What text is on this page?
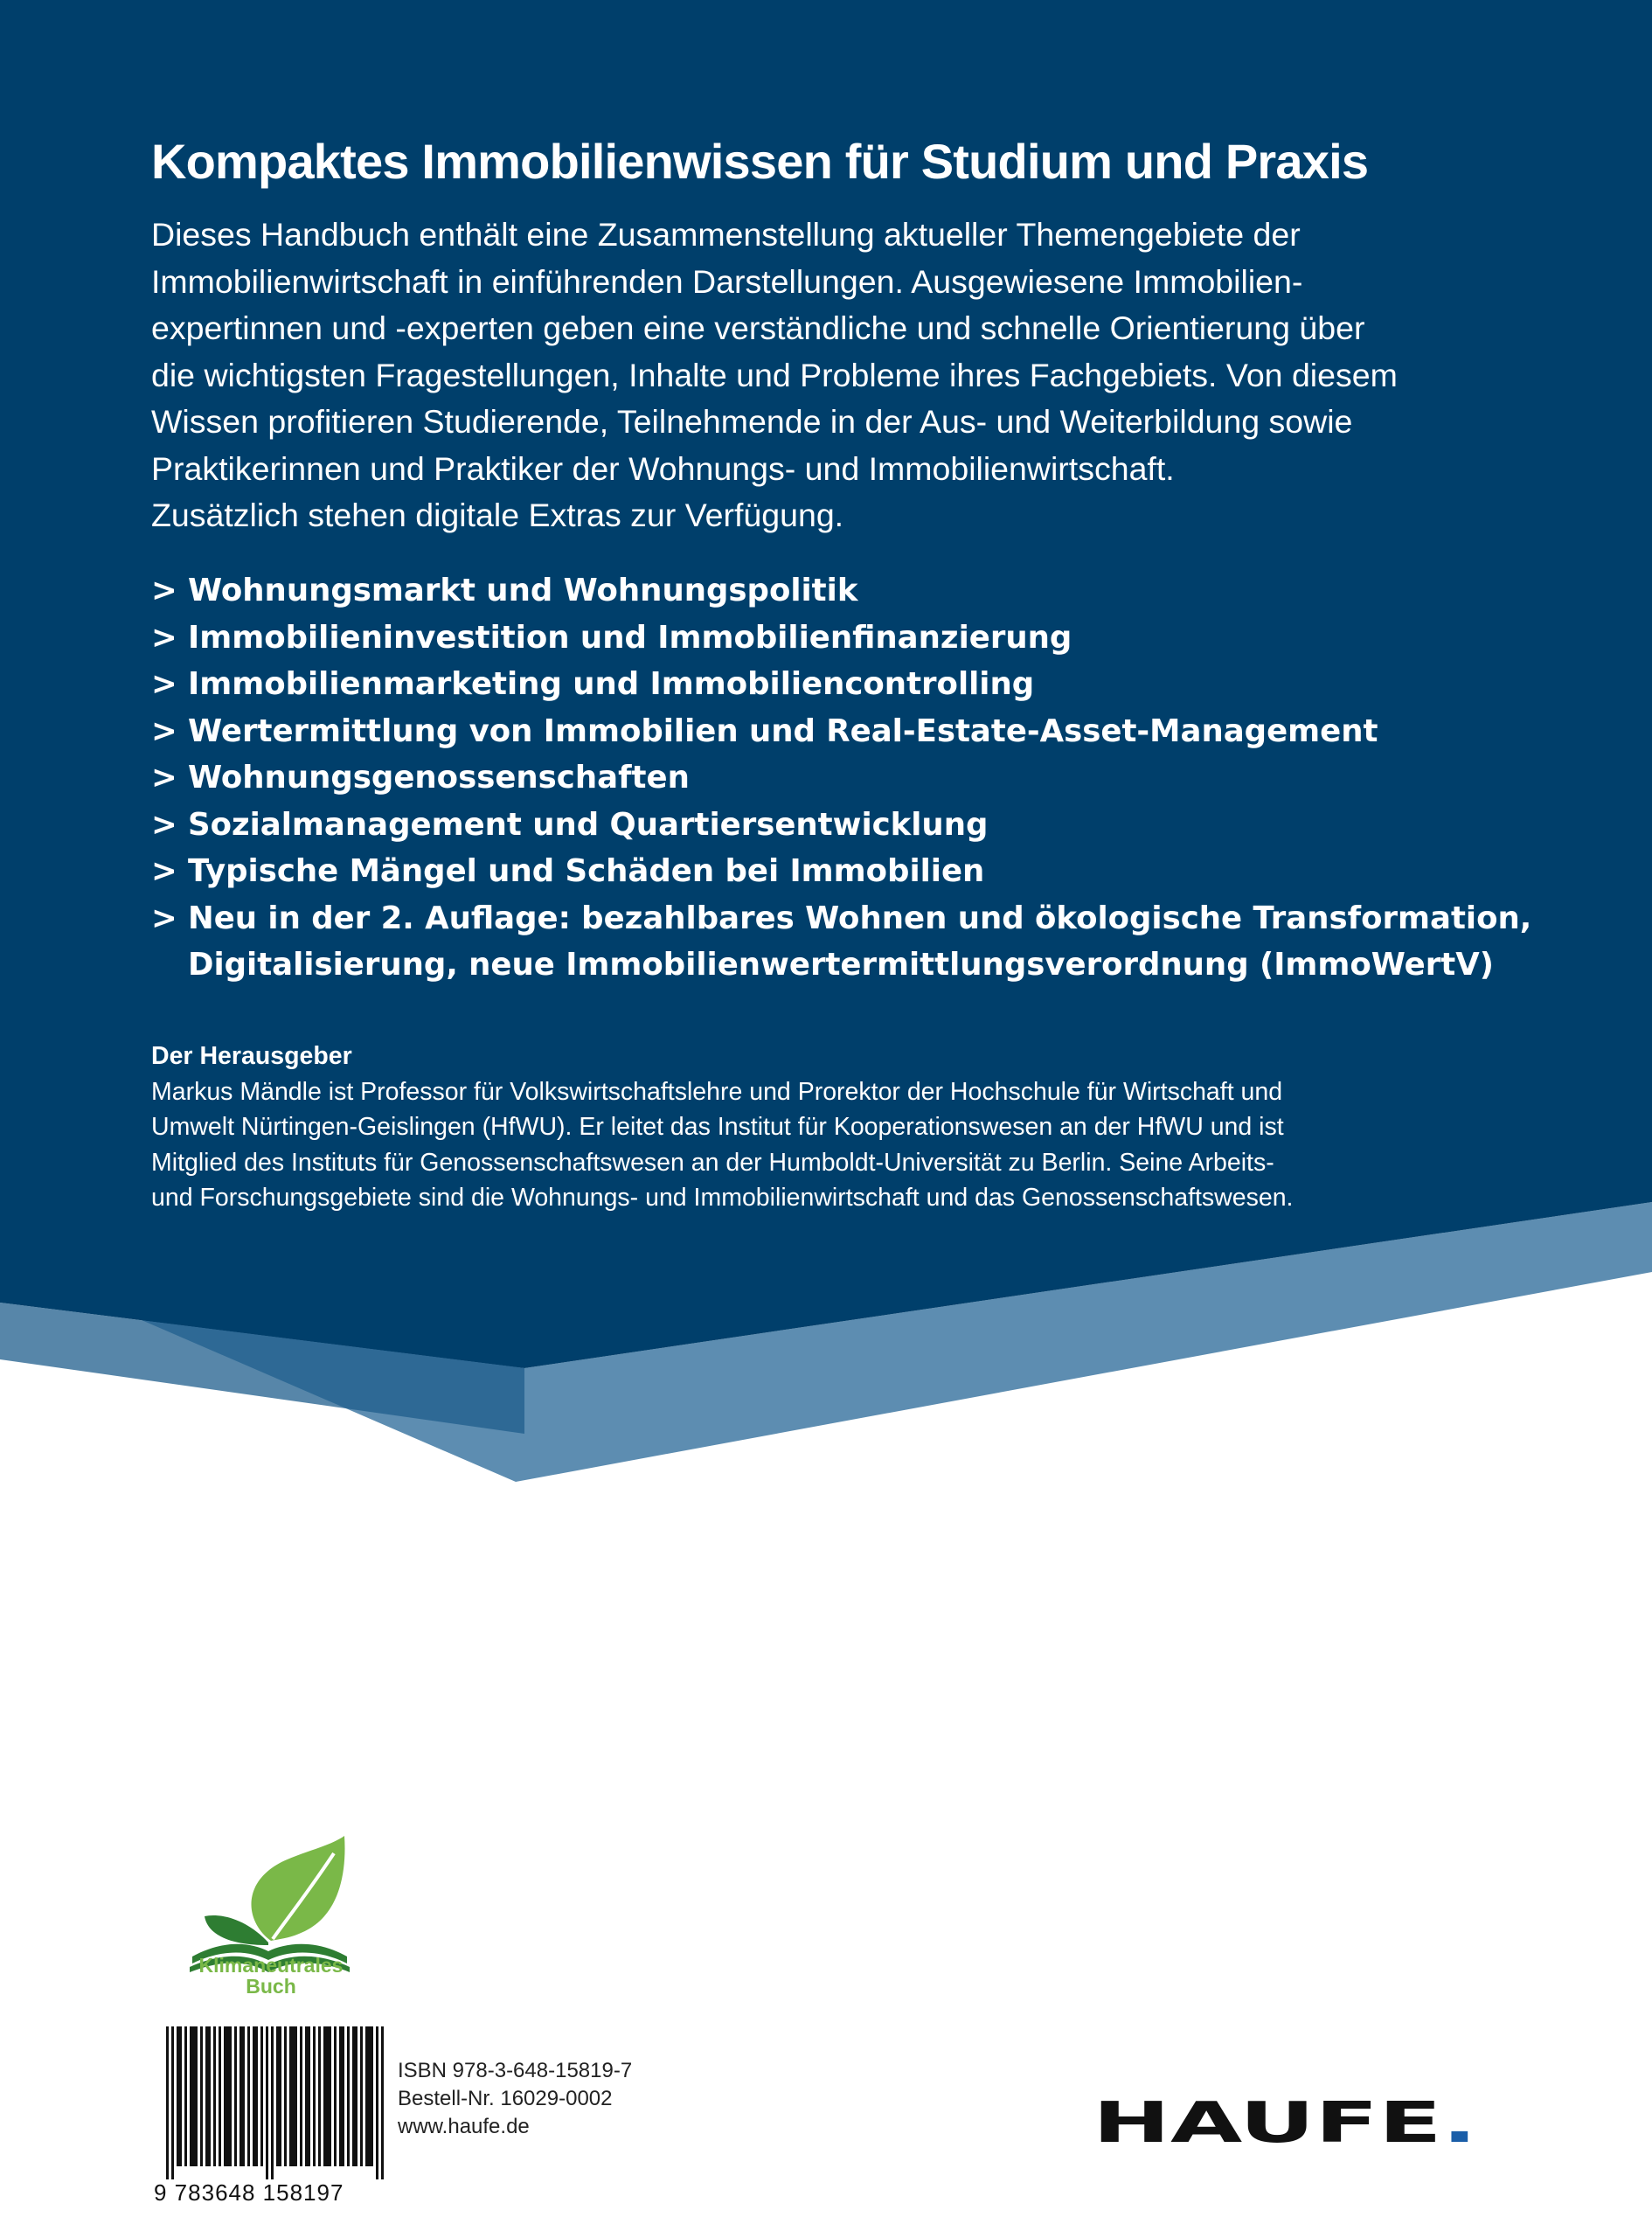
Kompaktes Immobilienwissen für Studium und Praxis

Dieses Handbuch enthält eine Zusammenstellung aktueller Themengebiete der
Immobilienwirtschaft in einführenden Darstellungen. Ausgewiesene Immobilien-
expertinnen und -experten geben eine verständliche und schnelle Orientierung über
die wichtigsten Fragestellungen, Inhalte und Probleme ihres Fachgebiets. Von diesem
Wissen profitieren Studierende, Teilnehmende in der Aus- und Weiterbildung sowie
Praktikerinnen und Praktiker der Wohnungs- und Immobilienwirtschaft.
Zusätzlich stehen digitale Extras zur Verfügung.

> Wohnungsmarkt und Wohnungspolitik
> Immobilieninvestition und Immobilienfinanzierung
> Immobilienmarketing und Immobiliencontrolling
> Wertermittlung von Immobilien und Real-Estate-Asset-Management
> Wohnungsgenossenschaften
> Sozialmanagement und Quartiersentwicklung
> Typische Mängel und Schäden bei Immobilien
> Neu in der 2. Auflage: bezahlbares Wohnen und ökologische Transformation,
Digitalisierung, neue Immobilienwertermittlungsverordnung (ImmoWertV)
Der Herausgeber
Markus Mändle ist Professor für Volkswirtschaftslehre und Prorektor der Hochschule für Wirtschaft und
Umwelt Nürtingen-Geislingen (HfWU). Er leitet das Institut für Kooperationswesen an der HfWU und ist
Mitglied des Instituts für Genossenschaftswesen an der Humboldt-Universität zu Berlin. Seine Arbeits-
und Forschungsgebiete sind die Wohnungs- und Immobilienwirtschaft und das Genossenschaftswesen.
Klimaneutrales
Buch
9 783648 158197
ISBN 978-3-648-15819-7
Bestell-Nr. 16029-0002
www.haufe.de	HAUFE .
